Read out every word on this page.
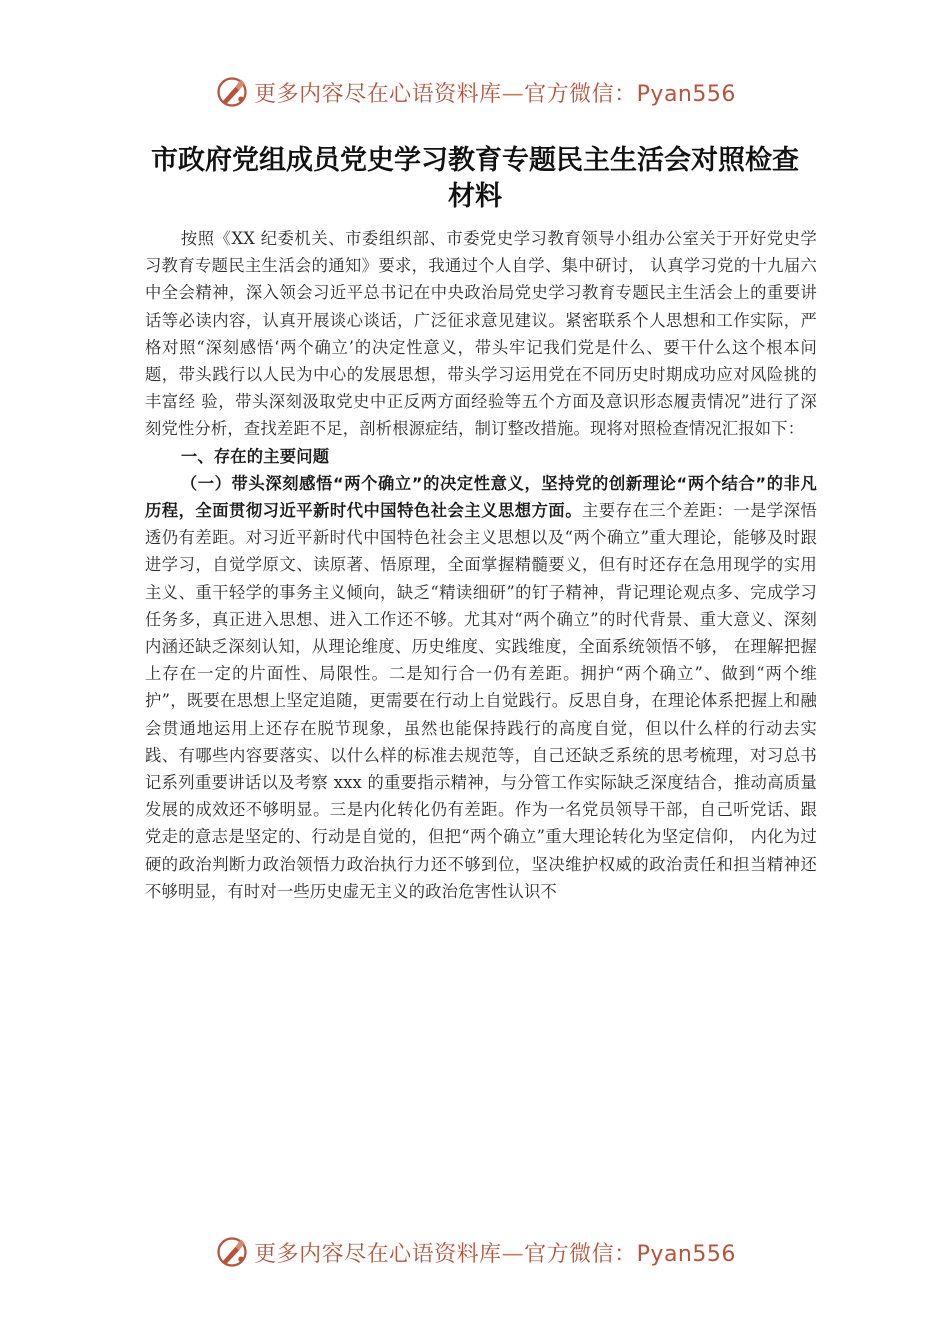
更多内容尽在心语资料库—官方微信：Pyan556
市政府党组成员党史学习教育专题民主生活会对照检查材料

按照《XX 纪委机关、市委组织部、市委党史学习教育领导小组办公室关于开好党史学习教育专题民主生活会的通知》要求，我通过个人自学、集中研讨， 认真学习党的十九届六中全会精神，深入领会习近平总书记在中央政治局党史学习教育专题民主生活会上的重要讲话等必读内容，认真开展谈心谈话，广泛征求意见建议。紧密联系个人思想和工作实际，严格对照“深刻感悟‘两个确立’的决定性意义，带头牢记我们党是什么、要干什么这个根本问题，带头践行以人民为中心的发展思想，带头学习运用党在不同历史时期成功应对风险挑的丰富经 验，带头深刻汲取党史中正反两方面经验等五个方面及意识形态履责情况”进行了深刻党性分析，查找差距不足，剖析根源症结，制订整改措施。现将对照检查情况汇报如下：

一、存在的主要问题

（一）带头深刻感悟“两个确立”的决定性意义，坚持党的创新理论“两个结合”的非凡历程，全面贯彻习近平新时代中国特色社会主义思想方面。主要存在三个差距：一是学深悟透仍有差距。对习近平新时代中国特色社会主义思想以及“两个确立”重大理论，能够及时跟进学习，自觉学原文、读原著、悟原理，全面掌握精髓要义，但有时还存在急用现学的实用主义、重干轻学的事务主义倾向，缺乏“精读细研”的钉子精神，背记理论观点多、完成学习任务多，真正进入思想、进入工作还不够。尤其对“两个确立”的时代背景、重大意义、深刻内涵还缺乏深刻认知，从理论维度、历史维度、实践维度，全面系统领悟不够， 在理解把握上存在一定的片面性、局限性。二是知行合一仍有差距。拥护“两个确立”、做到“两个维护”，既要在思想上坚定追随，更需要在行动上自觉践行。反思自身，在理论体系把握上和融会贯通地运用上还存在脱节现象，虽然也能保持践行的高度自觉，但以什么样的行动去实践、有哪些内容要落实、以什么样的标准去规范等，自己还缺乏系统的思考梳理，对习总书记系列重要讲话以及考察 xxx 的重要指示精神，与分管工作实际缺乏深度结合，推动高质量发展的成效还不够明显。三是内化转化仍有差距。作为一名党员领导干部，自己听党话、跟党走的意志是坚定的、行动是自觉的，但把“两个确立”重大理论转化为坚定信仰， 内化为过硬的政治判断力政治领悟力政治执行力还不够到位，坚决维护权威的政治责任和担当精神还不够明显，有时对一些历史虚无主义的政治危害性认识不

更多内容尽在心语资料库—官方微信：Pyan556
